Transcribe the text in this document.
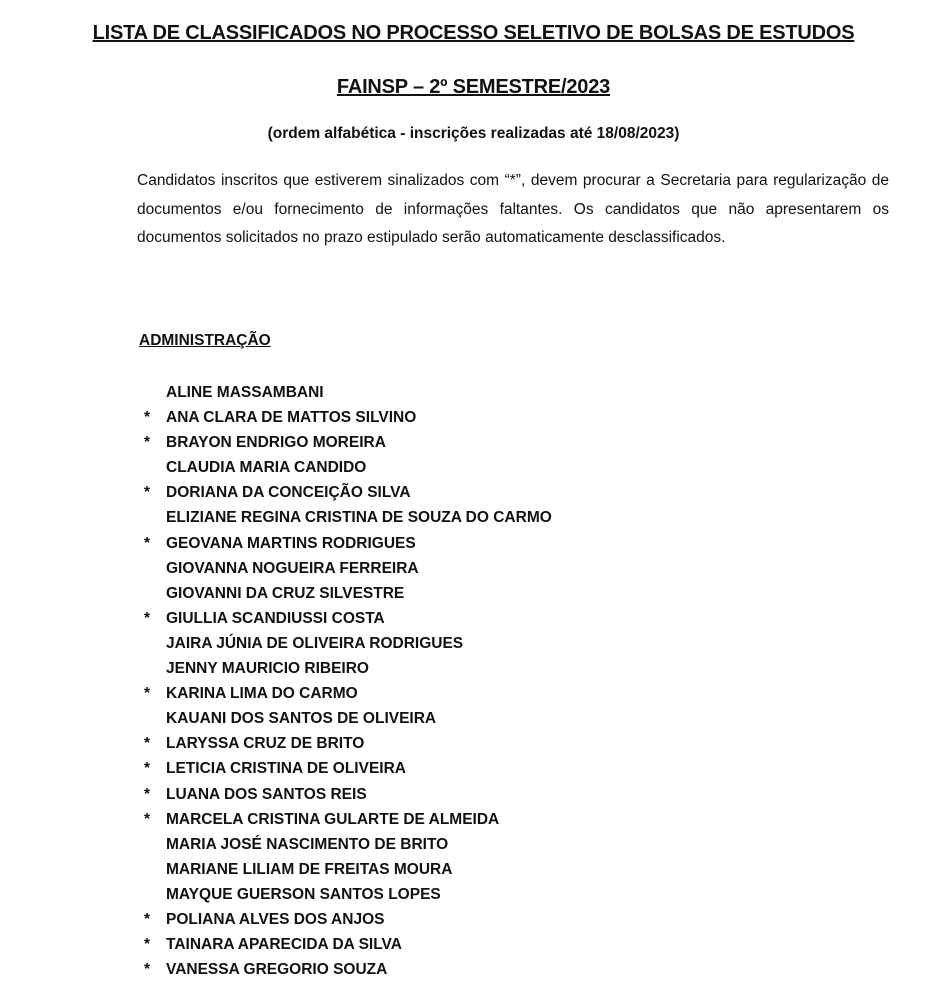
LISTA DE CLASSIFICADOS NO PROCESSO SELETIVO DE BOLSAS DE ESTUDOS
FAINSP – 2º SEMESTRE/2023
(ordem alfabética - inscrições realizadas até 18/08/2023)
Candidatos inscritos que estiverem sinalizados com “*”, devem procurar a Secretaria para regularização de documentos e/ou fornecimento de informações faltantes. Os candidatos que não apresentarem os documentos solicitados no prazo estipulado serão automaticamente desclassificados.
ADMINISTRAÇÃO
ALINE MASSAMBANI
*	ANA CLARA DE MATTOS SILVINO
*	BRAYON ENDRIGO MOREIRA
CLAUDIA MARIA CANDIDO
*	DORIANA DA CONCEIÇÃO SILVA
ELIZIANE REGINA CRISTINA DE SOUZA DO CARMO
*	GEOVANA MARTINS RODRIGUES
GIOVANNA NOGUEIRA FERREIRA
GIOVANNI DA CRUZ SILVESTRE
*	GIULLIA SCANDIUSSI COSTA
JAIRA JÚNIA DE OLIVEIRA RODRIGUES
JENNY MAURICIO RIBEIRO
*	KARINA LIMA DO CARMO
KAUANI DOS SANTOS DE OLIVEIRA
*	LARYSSA CRUZ DE BRITO
*	LETICIA CRISTINA DE OLIVEIRA
*	LUANA DOS SANTOS REIS
*	MARCELA CRISTINA GULARTE DE ALMEIDA
MARIA JOSÉ NASCIMENTO DE BRITO
MARIANE LILIAM DE FREITAS MOURA
MAYQUE GUERSON SANTOS LOPES
*	POLIANA ALVES DOS ANJOS
*	TAINARA APARECIDA DA SILVA
*	VANESSA GREGORIO SOUZA
